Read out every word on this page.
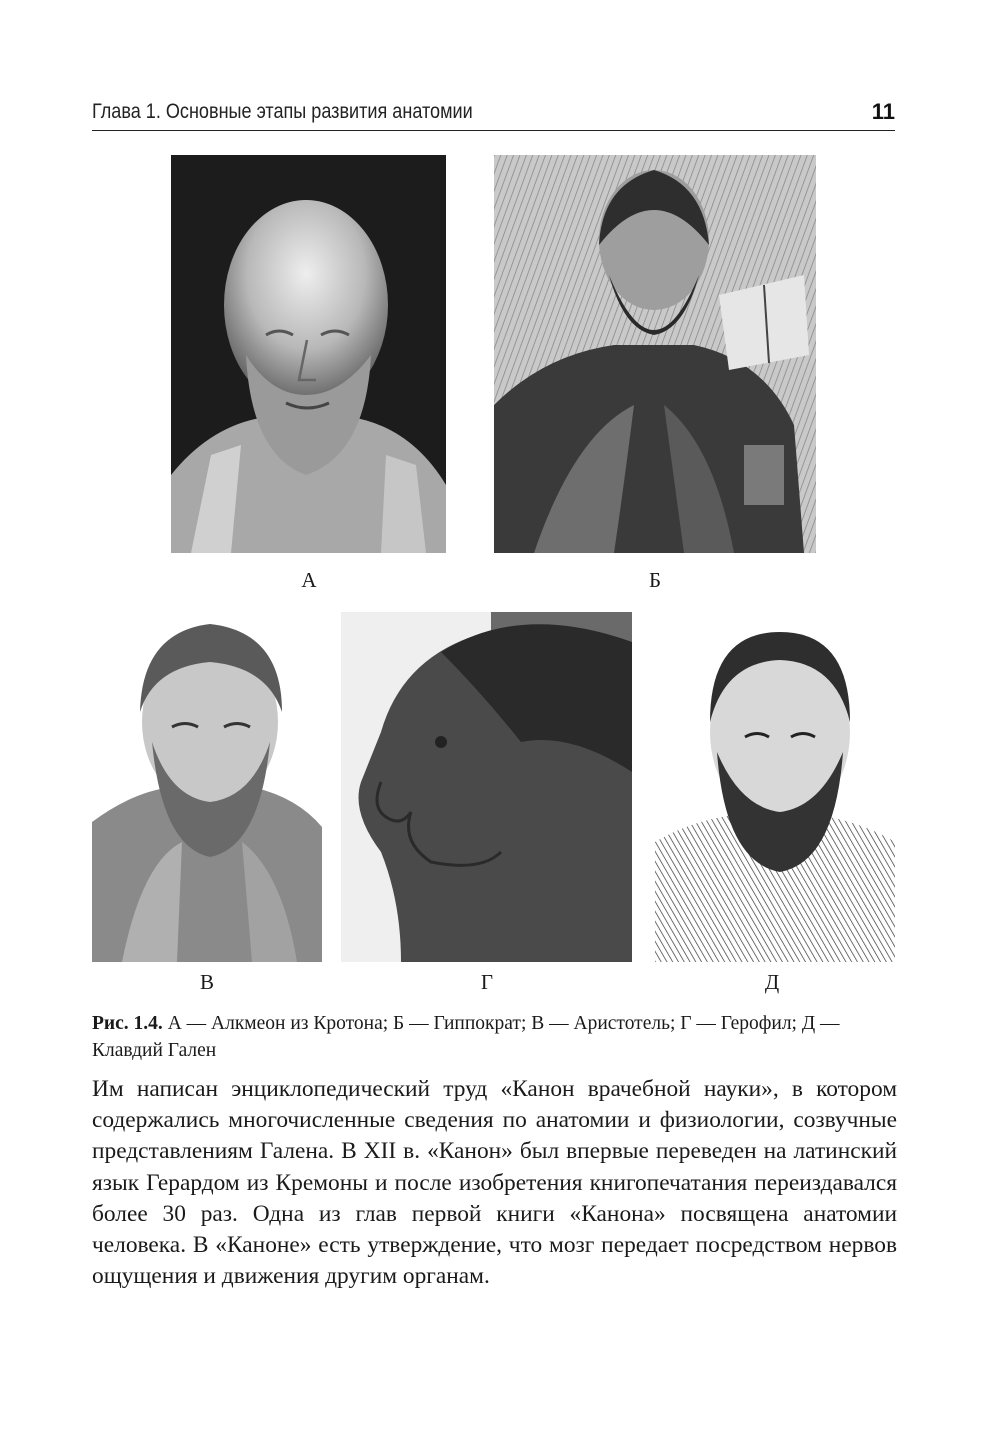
Глава 1. Основные этапы развития анатомии	11
А	Б
В	Г	Д
Рис. 1.4. А — Алкмеон из Кротона; Б — Гиппократ; В — Аристотель; Г — Герофил; Д — Клавдий Гален
Им написан энциклопедический труд «Канон врачебной науки», в котором содержались многочисленные сведения по анатомии и физиологии, созвучные представлениям Галена. В XII в. «Канон» был впервые переведен на латинский язык Герардом из Кремоны и после изобретения книгопечатания переиздавался более 30 раз. Одна из глав первой книги «Канона» посвящена анатомии человека. В «Каноне» есть утверждение, что мозг передает посредством нервов ощущения и движения другим органам.
